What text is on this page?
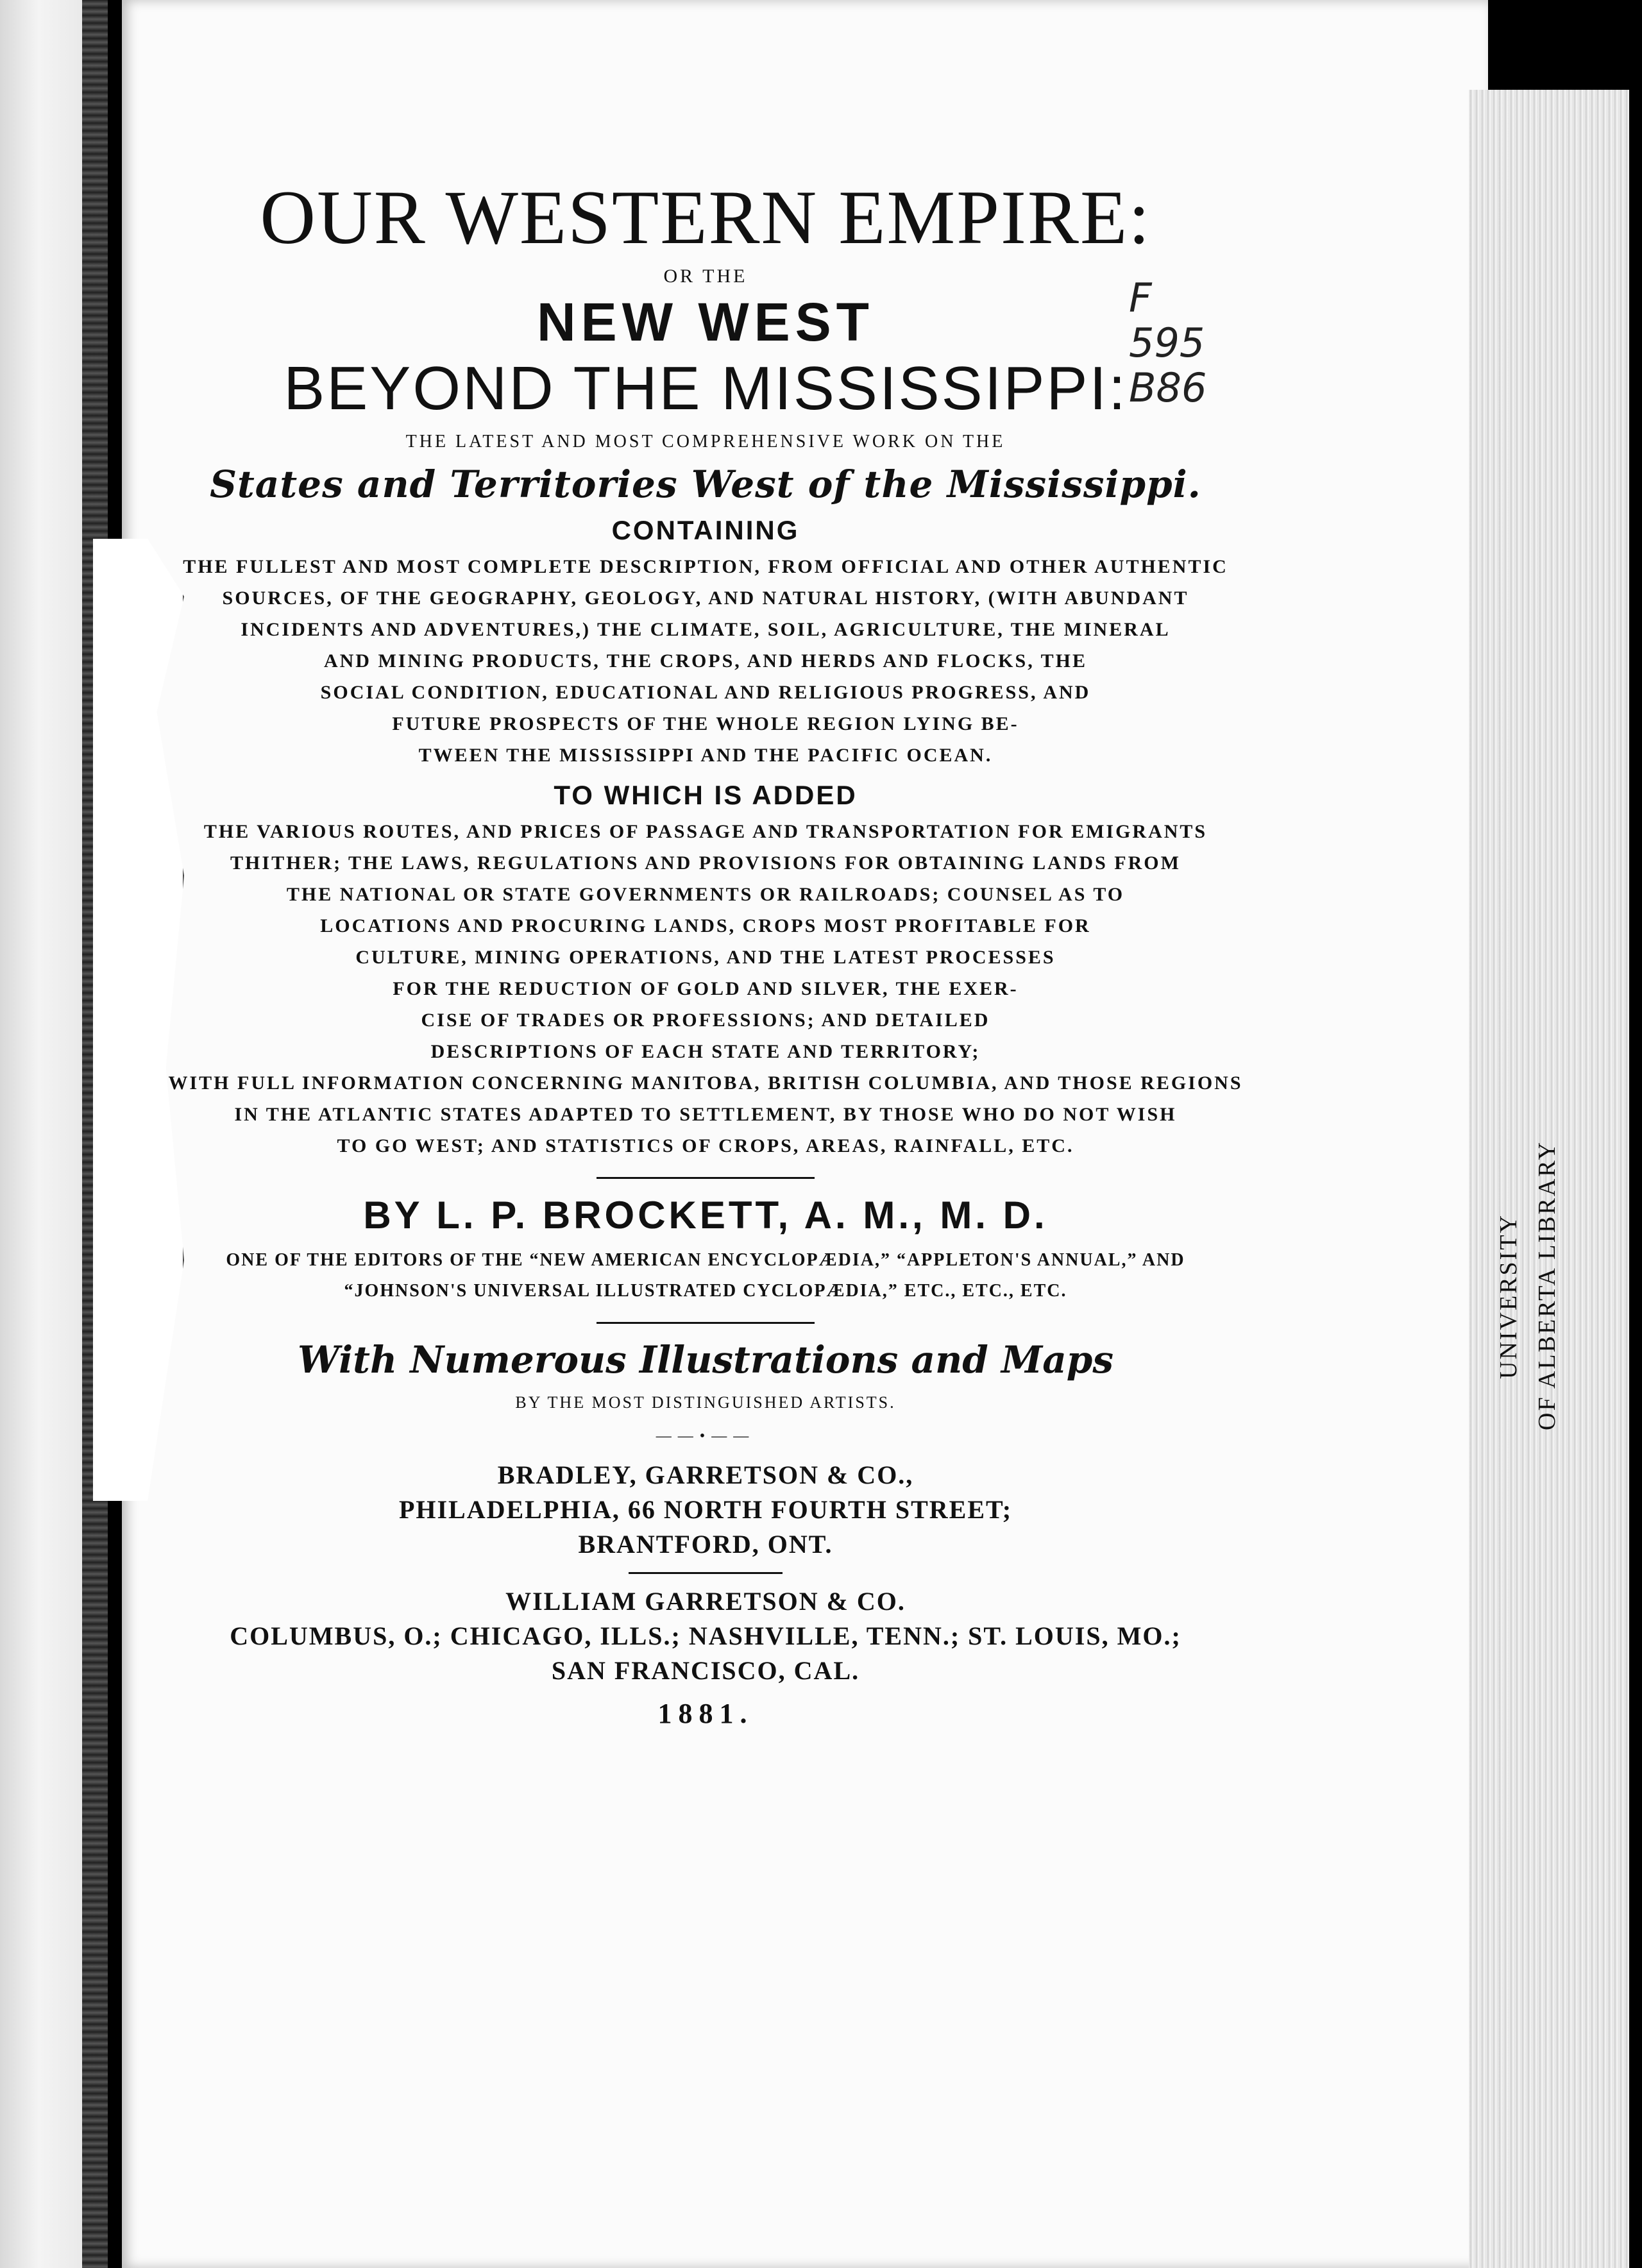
OUR WESTERN EMPIRE:
OR THE
NEW WEST
BEYOND THE MISSISSIPPI:
THE LATEST AND MOST COMPREHENSIVE WORK ON THE
States and Territories West of the Mississippi.
CONTAINING
THE FULLEST AND MOST COMPLETE DESCRIPTION, FROM OFFICIAL AND OTHER AUTHENTIC
SOURCES, OF THE GEOGRAPHY, GEOLOGY, AND NATURAL HISTORY, (WITH ABUNDANT
INCIDENTS AND ADVENTURES,) THE CLIMATE, SOIL, AGRICULTURE, THE MINERAL
AND MINING PRODUCTS, THE CROPS, AND HERDS AND FLOCKS, THE
SOCIAL CONDITION, EDUCATIONAL AND RELIGIOUS PROGRESS, AND
FUTURE PROSPECTS OF THE WHOLE REGION LYING BE-
TWEEN THE MISSISSIPPI AND THE PACIFIC OCEAN.
TO WHICH IS ADDED
THE VARIOUS ROUTES, AND PRICES OF PASSAGE AND TRANSPORTATION FOR EMIGRANTS
THITHER; THE LAWS, REGULATIONS AND PROVISIONS FOR OBTAINING LANDS FROM
THE NATIONAL OR STATE GOVERNMENTS OR RAILROADS; COUNSEL AS TO
LOCATIONS AND PROCURING LANDS, CROPS MOST PROFITABLE FOR
CULTURE, MINING OPERATIONS, AND THE LATEST PROCESSES
FOR THE REDUCTION OF GOLD AND SILVER, THE EXER-
CISE OF TRADES OR PROFESSIONS; AND DETAILED
DESCRIPTIONS OF EACH STATE AND TERRITORY;
WITH FULL INFORMATION CONCERNING MANITOBA, BRITISH COLUMBIA, AND THOSE REGIONS
IN THE ATLANTIC STATES ADAPTED TO SETTLEMENT, BY THOSE WHO DO NOT WISH
TO GO WEST; AND STATISTICS OF CROPS, AREAS, RAINFALL, ETC.
BY L. P. BROCKETT, A. M., M. D.
ONE OF THE EDITORS OF THE “NEW AMERICAN ENCYCLOPÆDIA,” “APPLETON'S ANNUAL,” AND
“JOHNSON'S UNIVERSAL ILLUSTRATED CYCLOPÆDIA,” ETC., ETC., ETC.
With Numerous Illustrations and Maps
BY THE MOST DISTINGUISHED ARTISTS.
——•——
BRADLEY, GARRETSON & CO.,
PHILADELPHIA, 66 NORTH FOURTH STREET;
BRANTFORD, ONT.
WILLIAM GARRETSON & CO.
COLUMBUS, O.; CHICAGO, ILLS.; NASHVILLE, TENN.; ST. LOUIS, MO.;
SAN FRANCISCO, CAL.
1881.
F
595
B86
UNIVERSITY OF ALBERTA LIBRARY
